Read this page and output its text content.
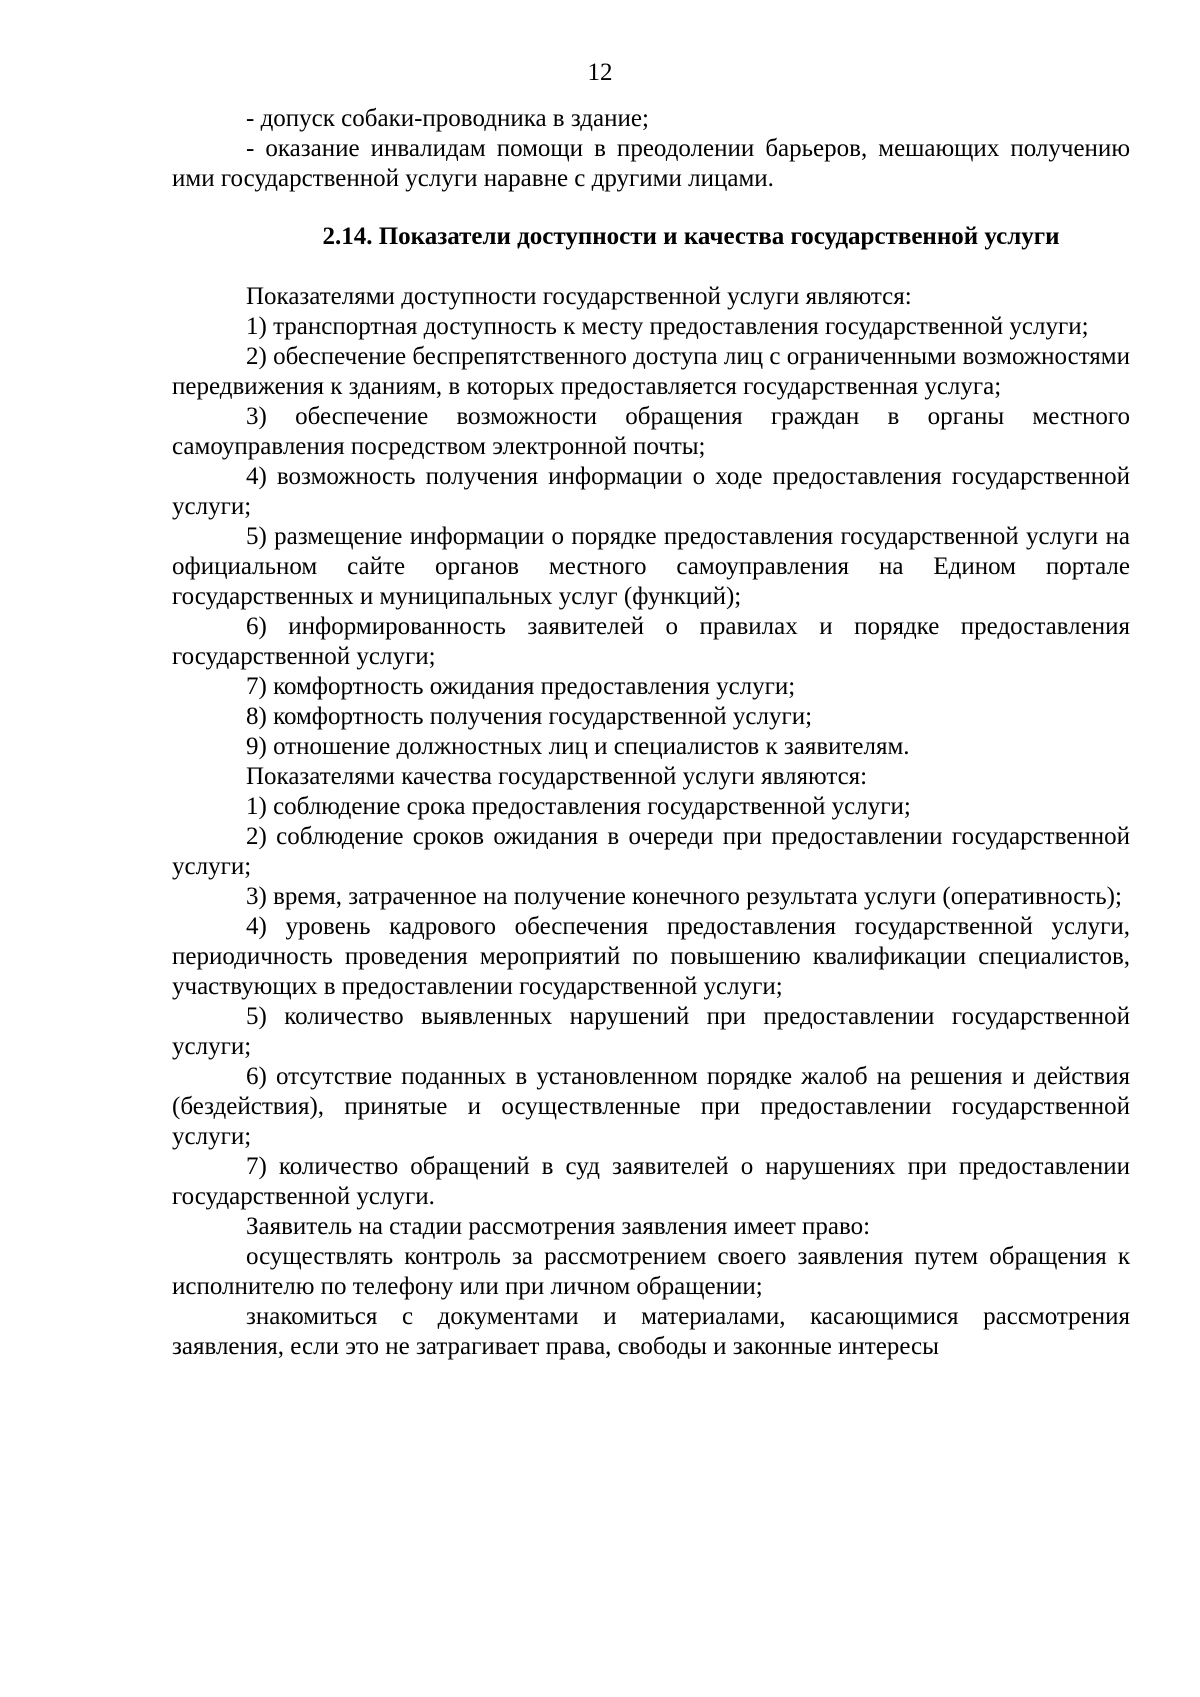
12

- допуск собаки-проводника в здание;

- оказание инвалидам помощи в преодолении барьеров, мешающих получению ими государственной услуги наравне с другими лицами.

2.14. Показатели доступности и качества государственной услуги

Показателями доступности государственной услуги являются:

1) транспортная доступность к месту предоставления государственной услуги;

2) обеспечение беспрепятственного доступа лиц с ограниченными возможностями передвижения к зданиям, в которых предоставляется государственная услуга;

3) обеспечение возможности обращения граждан в органы местного самоуправления посредством электронной почты;

4) возможность получения информации о ходе предоставления государственной услуги;

5) размещение информации о порядке предоставления государственной услуги на официальном сайте органов местного самоуправления на Едином портале государственных и муниципальных услуг (функций);

6) информированность заявителей о правилах и порядке предоставления государственной услуги;

7) комфортность ожидания предоставления услуги;

8) комфортность получения государственной услуги;

9) отношение должностных лиц и специалистов к заявителям.

Показателями качества государственной услуги являются:

1) соблюдение срока предоставления государственной услуги;

2) соблюдение сроков ожидания в очереди при предоставлении государственной услуги;

3) время, затраченное на получение конечного результата услуги (оперативность);

4) уровень кадрового обеспечения предоставления государственной услуги, периодичность проведения мероприятий по повышению квалификации специалистов, участвующих в предоставлении государственной услуги;

5) количество выявленных нарушений при предоставлении государственной услуги;

6) отсутствие поданных в установленном порядке жалоб на решения и действия (бездействия), принятые и осуществленные при предоставлении государственной услуги;

7) количество обращений в суд заявителей о нарушениях при предоставлении государственной услуги.

Заявитель на стадии рассмотрения заявления имеет право:

осуществлять контроль за рассмотрением своего заявления путем обращения к исполнителю по телефону или при личном обращении;

знакомиться с документами и материалами, касающимися рассмотрения заявления, если это не затрагивает права, свободы и законные интересы
